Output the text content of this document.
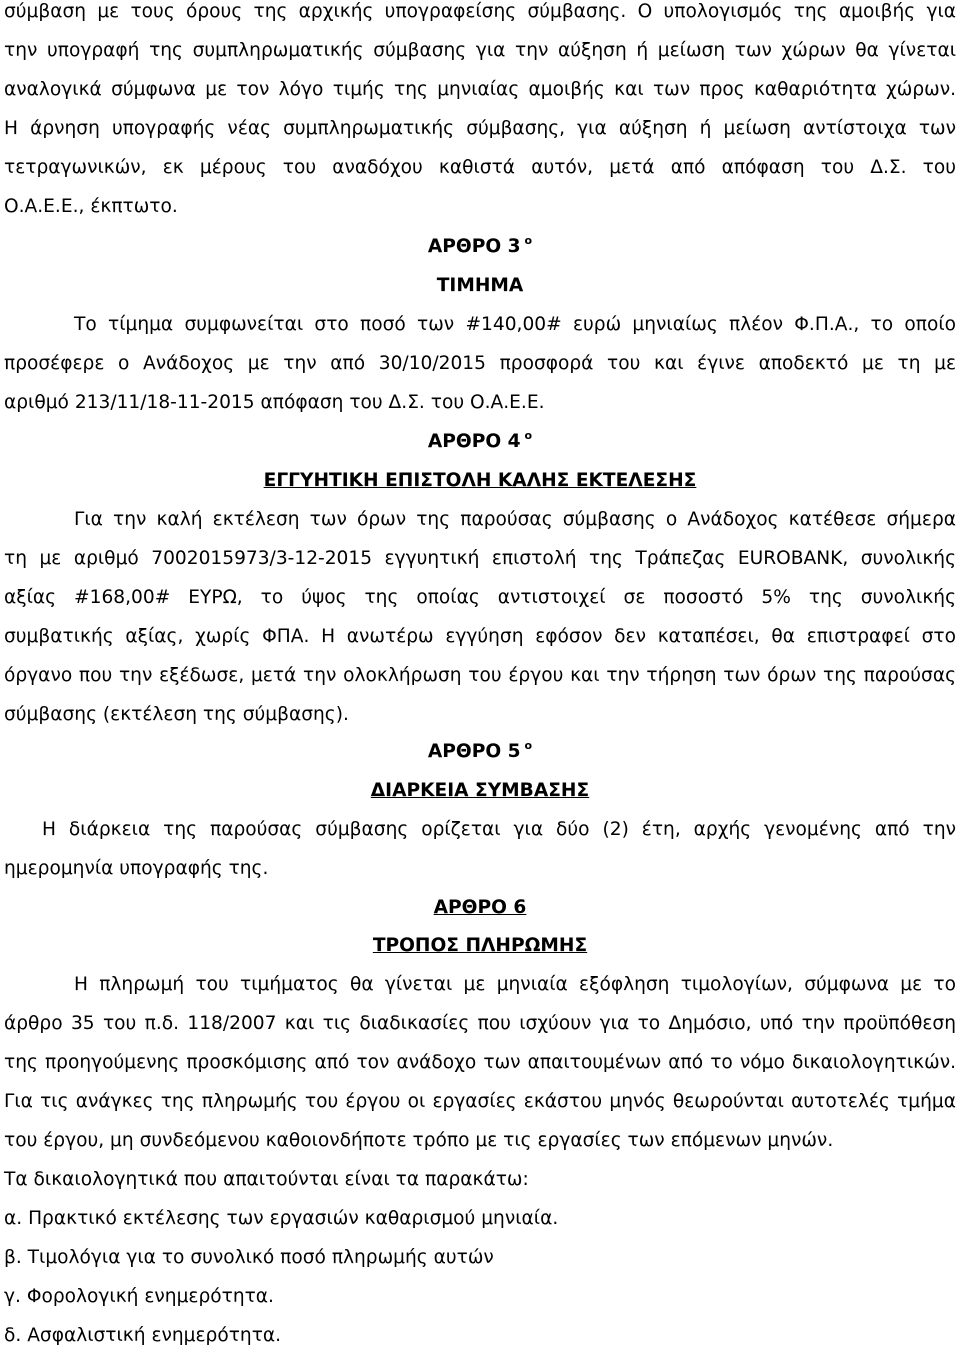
σύμβαση με τους όρους της αρχικής υπογραφείσης σύμβασης. Ο υπολογισμός της αμοιβής για
την υπογραφή της συμπληρωματικής σύμβασης για την αύξηση ή μείωση των χώρων θα γίνεται
αναλογικά σύμφωνα με τον λόγο τιμής της μηνιαίας αμοιβής και των προς καθαριότητα χώρων.
Η άρνηση υπογραφής νέας συμπληρωματικής σύμβασης, για αύξηση ή μείωση αντίστοιχα των
τετραγωνικών, εκ μέρους του αναδόχου καθιστά αυτόν, μετά από απόφαση του Δ.Σ. του
Ο.Α.Ε.Ε., έκπτωτο.
ΑΡΘΡΟ 3 $^o$
ΤΙΜΗΜΑ
Το τίμημα συμφωνείται στο ποσό των #140,00# ευρώ μηνιαίως πλέον Φ.Π.Α., το οποίο
προσέφερε ο Ανάδοχος με την από 30/10/2015 προσφορά του και έγινε αποδεκτό με τη με
αριθμό 213/11/18-11-2015 απόφαση του Δ.Σ. του Ο.Α.Ε.Ε.
ΑΡΘΡΟ 4 $^o$
ΕΓΓΥΗΤΙΚΗ ΕΠΙΣΤΟΛΗ ΚΑΛΗΣ ΕΚΤΕΛΕΣΗΣ
Για την καλή εκτέλεση των όρων της παρούσας σύμβασης ο Ανάδοχος κατέθεσε σήμερα
τη με αριθμό 7002015973/3-12-2015 εγγυητική επιστολή της Τράπεζας EUROBANK, συνολικής
αξίας #168,00# ΕΥΡΩ, το ύψος της οποίας αντιστοιχεί σε ποσοστό 5% της συνολικής
συμβατικής αξίας, χωρίς ΦΠΑ. Η ανωτέρω εγγύηση εφόσον δεν καταπέσει, θα επιστραφεί στο
όργανο που την εξέδωσε, μετά την ολοκλήρωση του έργου και την τήρηση των όρων της παρούσας
σύμβασης (εκτέλεση της σύμβασης).
ΑΡΘΡΟ 5 $^o$
ΔΙΑΡΚΕΙΑ ΣΥΜΒΑΣΗΣ
Η διάρκεια της παρούσας σύμβασης ορίζεται για δύο (2) έτη, αρχής γενομένης από την
ημερομηνία υπογραφής της.
ΑΡΘΡΟ 6
ΤΡΟΠΟΣ ΠΛΗΡΩΜΗΣ
Η πληρωμή του τιμήματος θα γίνεται με μηνιαία εξόφληση τιμολογίων, σύμφωνα με το
άρθρο 35 του π.δ. 118/2007 και τις διαδικασίες που ισχύουν για το Δημόσιο, υπό την προϋπόθεση
της προηγούμενης προσκόμισης από τον ανάδοχο των απαιτουμένων από το νόμο δικαιολογητικών.
Για τις ανάγκες της πληρωμής του έργου οι εργασίες εκάστου μηνός θεωρούνται αυτοτελές τμήμα
του έργου, μη συνδεόμενου καθοιονδήποτε τρόπο με τις εργασίες των επόμενων μηνών.
Τα δικαιολογητικά που απαιτούνται είναι τα παρακάτω:
α. Πρακτικό εκτέλεσης των εργασιών καθαρισμού μηνιαία.
β. Τιμολόγια για το συνολικό ποσό πληρωμής αυτών
γ. Φορολογική ενημερότητα.
δ. Ασφαλιστική ενημερότητα.
